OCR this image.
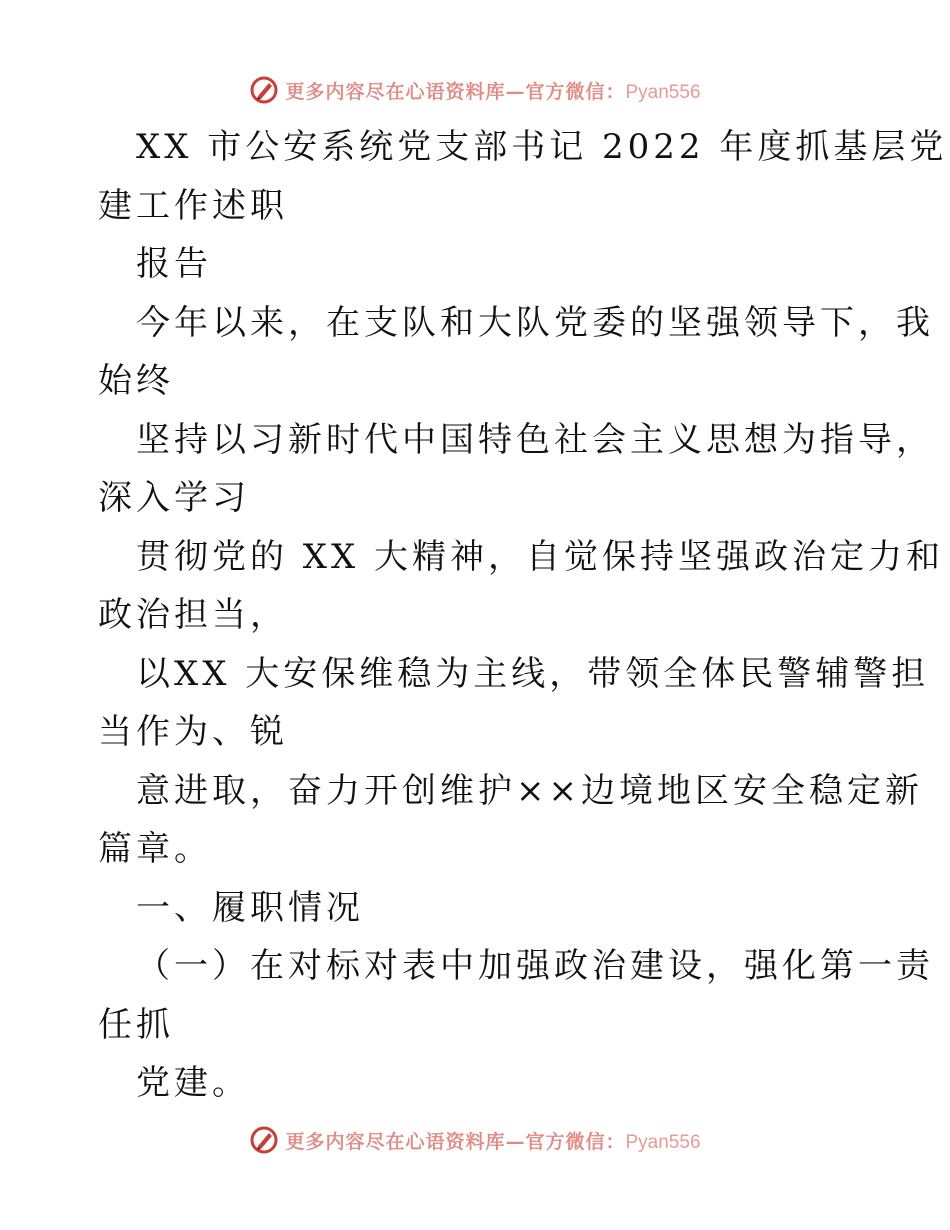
更多内容尽在心语资料库—官方微信：Pyan556
XX 市公安系统党支部书记 2022 年度抓基层党
建工作述职
报告
今年以来，在支队和大队党委的坚强领导下，我
始终
坚持以习新时代中国特色社会主义思想为指导，
深入学习
贯彻党的 XX 大精神，自觉保持坚强政治定力和
政治担当，
以XX 大安保维稳为主线，带领全体民警辅警担
当作为、锐
意进取，奋力开创维护××边境地区安全稳定新
篇章。
一、履职情况
（一）在对标对表中加强政治建设，强化第一责
任抓
党建。
更多内容尽在心语资料库—官方微信：Pyan556
